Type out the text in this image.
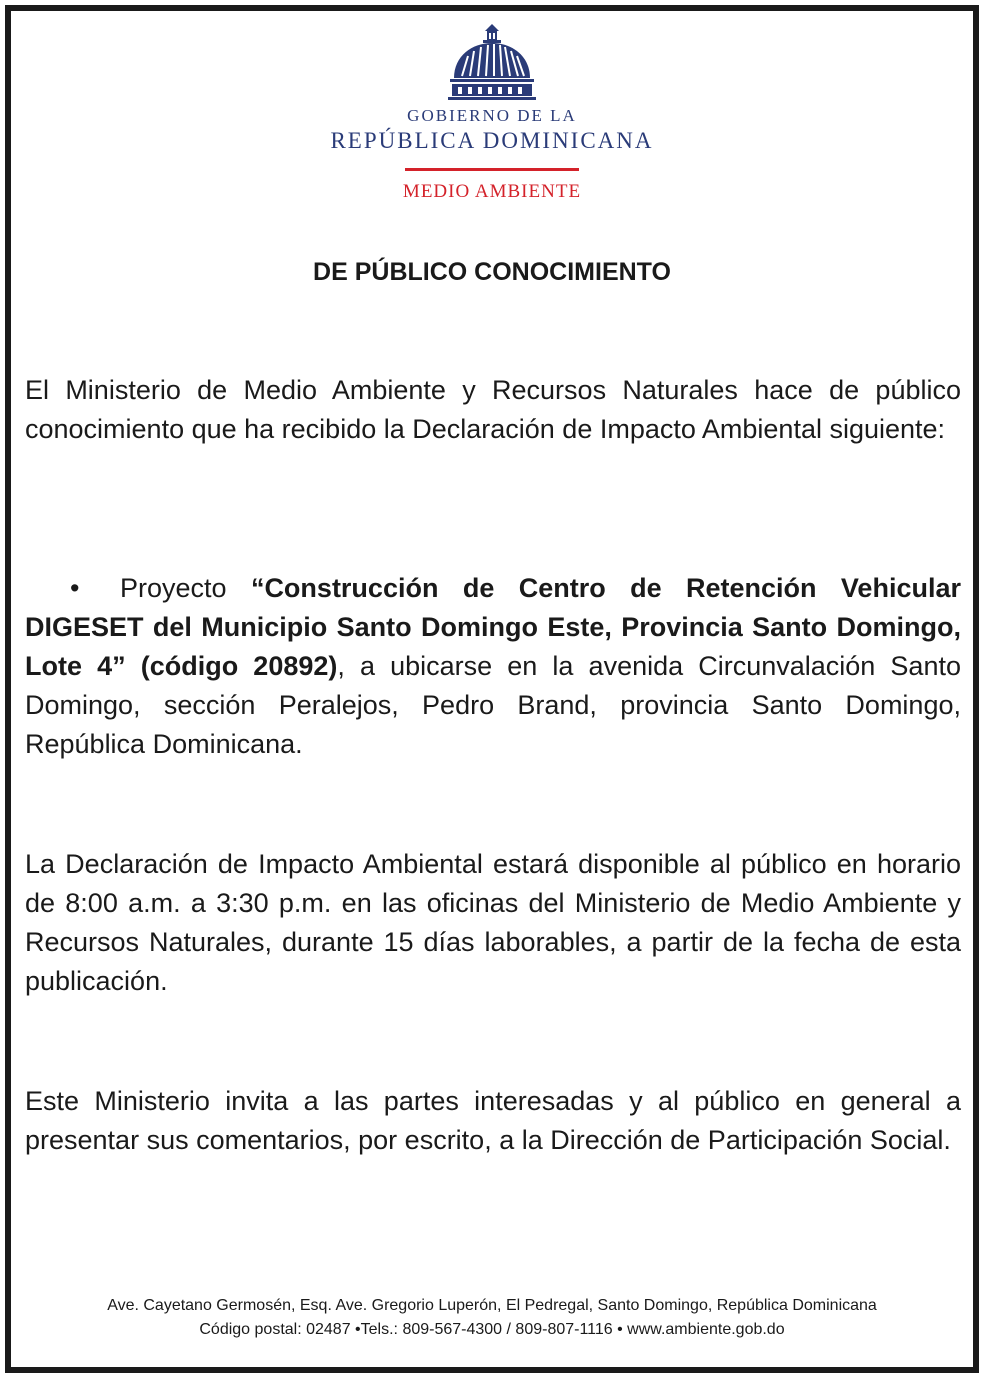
GOBIERNO DE LA
REPÚBLICA DOMINICANA
MEDIO AMBIENTE
DE PÚBLICO CONOCIMIENTO

El Ministerio de Medio Ambiente y Recursos Naturales hace de público conocimiento que ha recibido la Declaración de Impacto Ambiental siguiente:

• Proyecto “Construcción de Centro de Retención Vehicular DIGESET del Municipio Santo Domingo Este, Provincia Santo Domingo, Lote 4” (código 20892), a ubicarse en la avenida Circunvalación Santo Domingo, sección Peralejos, Pedro Brand, provincia Santo Domingo, República Dominicana.

La Declaración de Impacto Ambiental estará disponible al público en horario de 8:00 a.m. a 3:30 p.m. en las oficinas del Ministerio de Medio Ambiente y Recursos Naturales, durante 15 días laborables, a partir de la fecha de esta publicación.

Este Ministerio invita a las partes interesadas y al público en general a presentar sus comentarios, por escrito, a la Dirección de Participación Social.

Ave. Cayetano Germosén, Esq. Ave. Gregorio Luperón, El Pedregal, Santo Domingo, República Dominicana
Código postal: 02487 •Tels.: 809-567-4300 / 809-807-1116 • www.ambiente.gob.do
